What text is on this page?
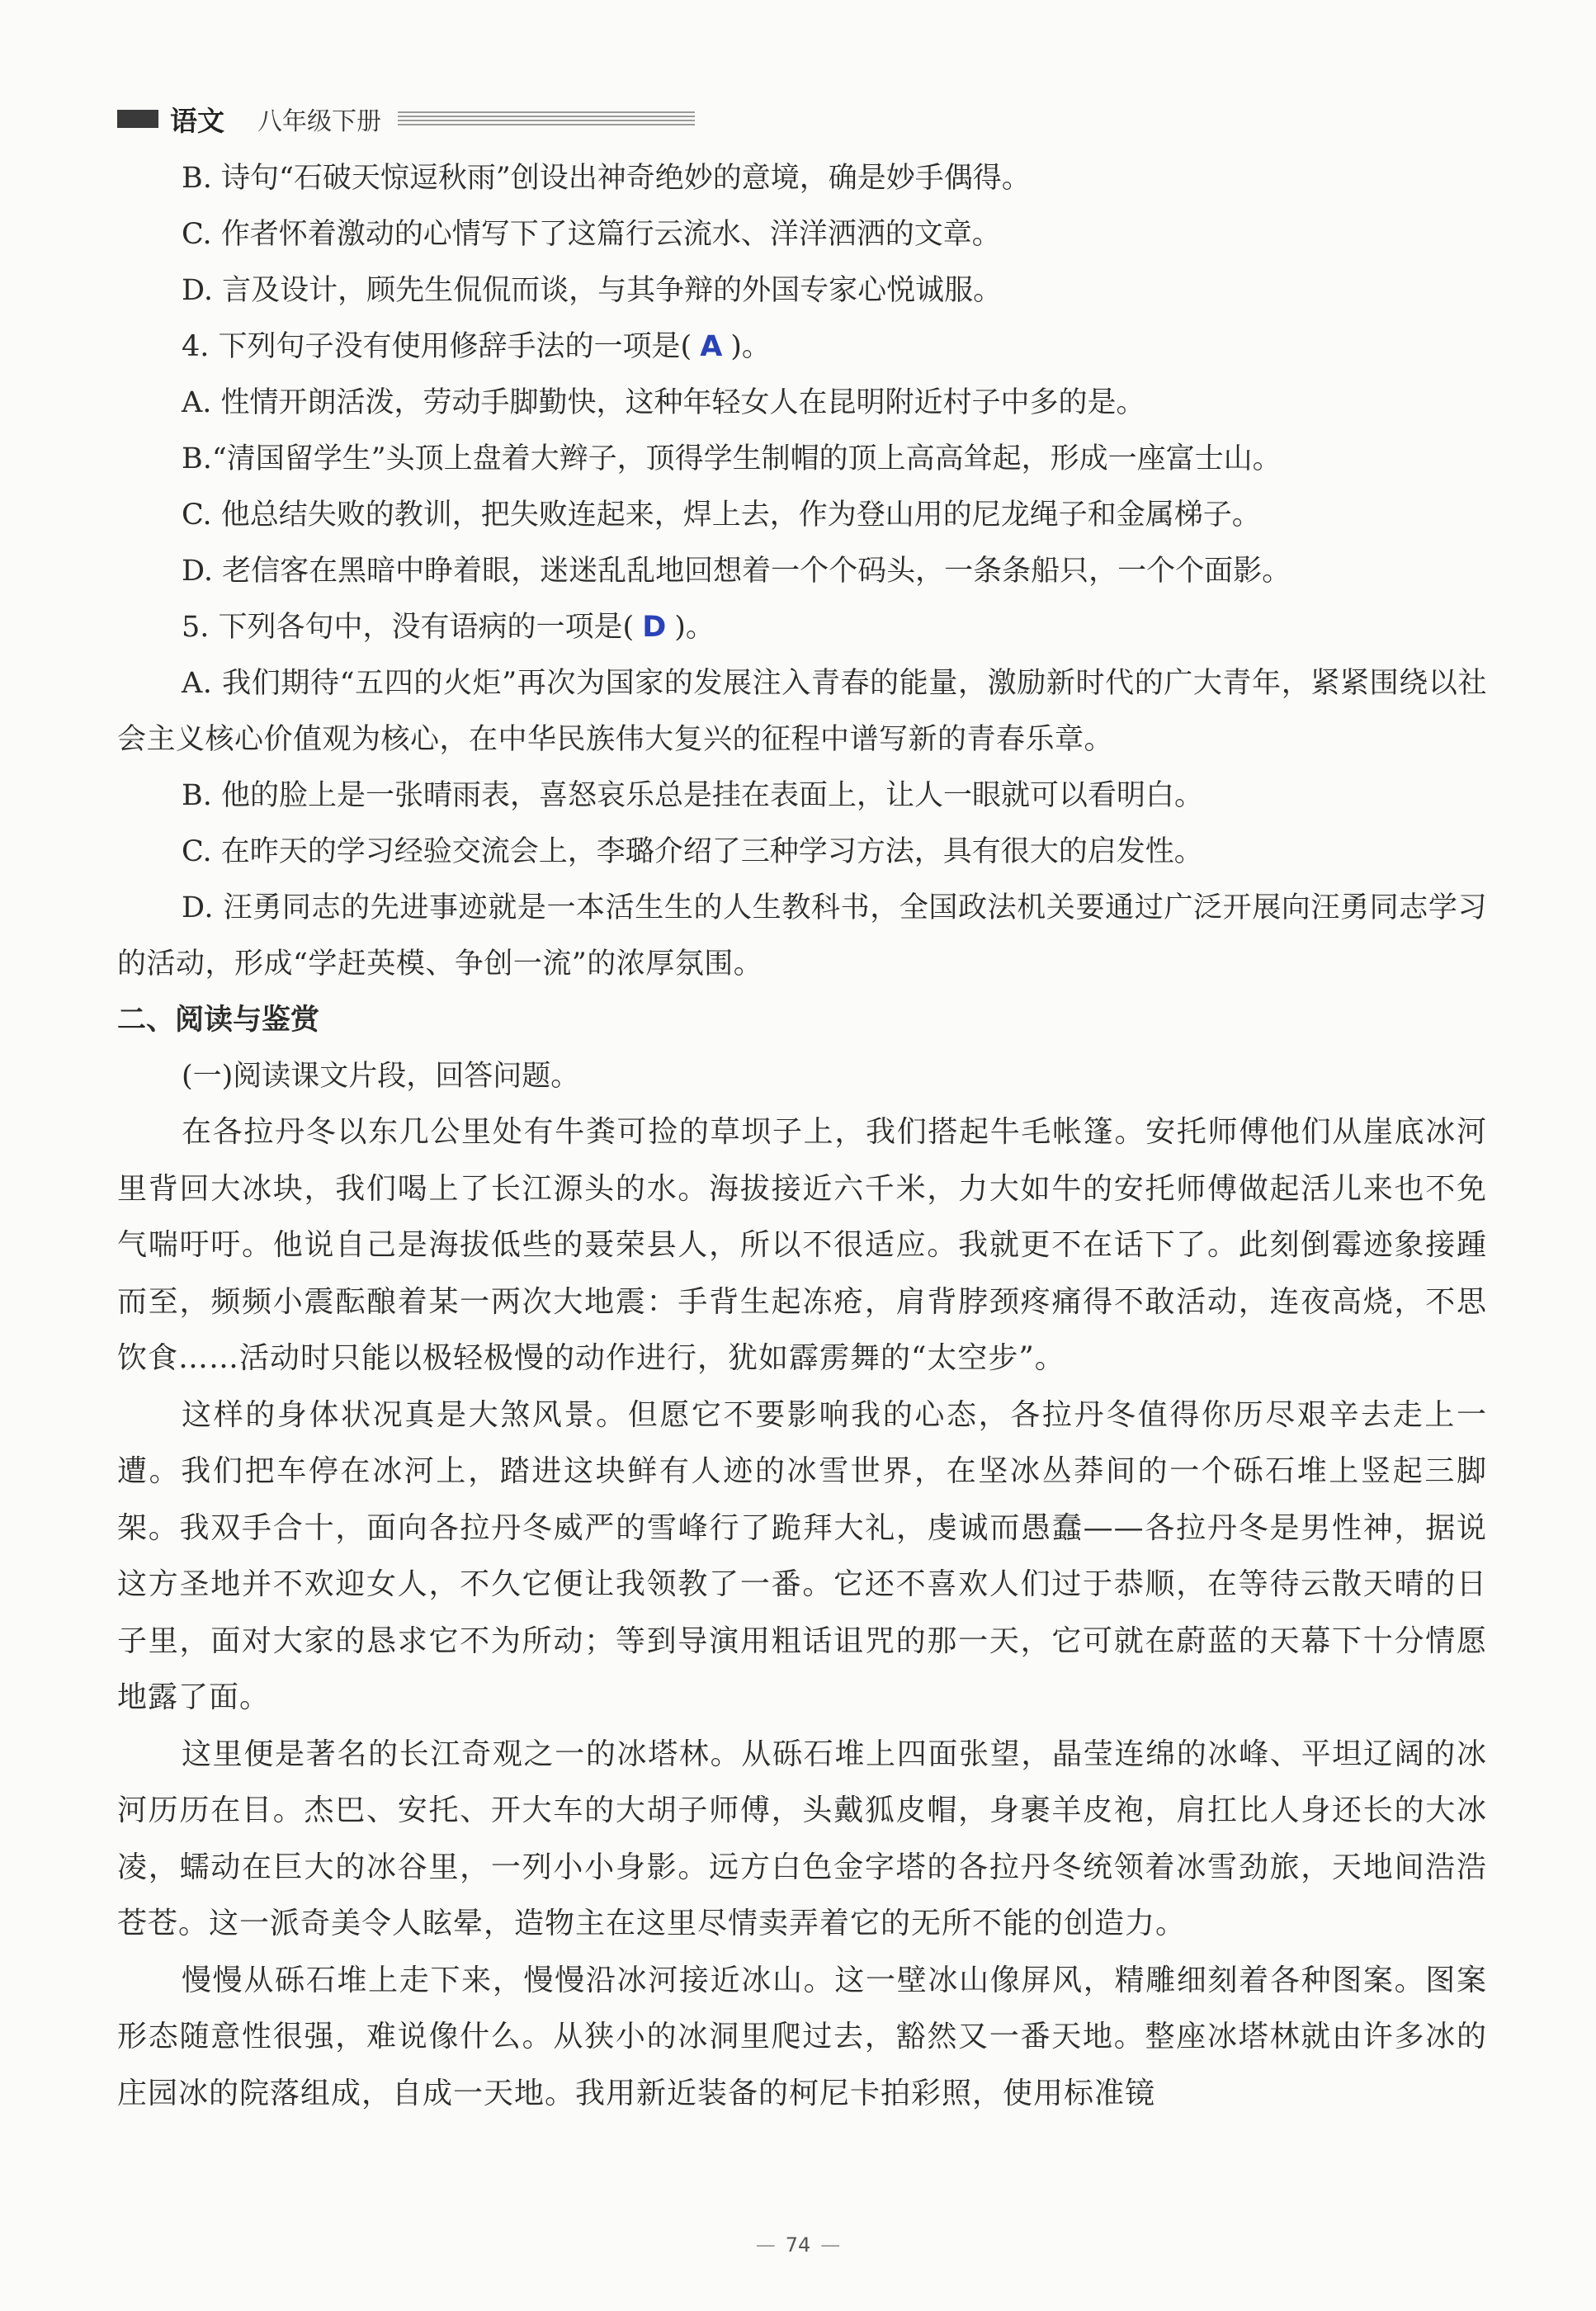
语文 八年级下册

B. 诗句“石破天惊逗秋雨”创设出神奇绝妙的意境，确是妙手偶得。

C. 作者怀着激动的心情写下了这篇行云流水、洋洋洒洒的文章。

D. 言及设计，顾先生侃侃而谈，与其争辩的外国专家心悦诚服。

4. 下列句子没有使用修辞手法的一项是( A )。

A. 性情开朗活泼，劳动手脚勤快，这种年轻女人在昆明附近村子中多的是。

B.“清国留学生”头顶上盘着大辫子，顶得学生制帽的顶上高高耸起，形成一座富士山。

C. 他总结失败的教训，把失败连起来，焊上去，作为登山用的尼龙绳子和金属梯子。

D. 老信客在黑暗中睁着眼，迷迷乱乱地回想着一个个码头，一条条船只，一个个面影。

5. 下列各句中，没有语病的一项是( D )。

A. 我们期待“五四的火炬”再次为国家的发展注入青春的能量，激励新时代的广大青年，紧紧围绕以社会主义核心价值观为核心，在中华民族伟大复兴的征程中谱写新的青春乐章。

B. 他的脸上是一张晴雨表，喜怒哀乐总是挂在表面上，让人一眼就可以看明白。

C. 在昨天的学习经验交流会上，李璐介绍了三种学习方法，具有很大的启发性。

D. 汪勇同志的先进事迹就是一本活生生的人生教科书，全国政法机关要通过广泛开展向汪勇同志学习的活动，形成“学赶英模、争创一流”的浓厚氛围。

二、阅读与鉴赏

(一)阅读课文片段，回答问题。

在各拉丹冬以东几公里处有牛粪可捡的草坝子上，我们搭起牛毛帐篷。安托师傅他们从崖底冰河里背回大冰块，我们喝上了长江源头的水。海拔接近六千米，力大如牛的安托师傅做起活儿来也不免气喘吁吁。他说自己是海拔低些的聂荣县人，所以不很适应。我就更不在话下了。此刻倒霉迹象接踵而至，频频小震酝酿着某一两次大地震：手背生起冻疮，肩背脖颈疼痛得不敢活动，连夜高烧，不思饮食……活动时只能以极轻极慢的动作进行，犹如霹雳舞的“太空步”。

这样的身体状况真是大煞风景。但愿它不要影响我的心态，各拉丹冬值得你历尽艰辛去走上一遭。我们把车停在冰河上，踏进这块鲜有人迹的冰雪世界，在坚冰丛莽间的一个砾石堆上竖起三脚架。我双手合十，面向各拉丹冬威严的雪峰行了跪拜大礼，虔诚而愚蠢——各拉丹冬是男性神，据说这方圣地并不欢迎女人，不久它便让我领教了一番。它还不喜欢人们过于恭顺，在等待云散天晴的日子里，面对大家的恳求它不为所动；等到导演用粗话诅咒的那一天，它可就在蔚蓝的天幕下十分情愿地露了面。

这里便是著名的长江奇观之一的冰塔林。从砾石堆上四面张望，晶莹连绵的冰峰、平坦辽阔的冰河历历在目。杰巴、安托、开大车的大胡子师傅，头戴狐皮帽，身裹羊皮袍，肩扛比人身还长的大冰凌，蠕动在巨大的冰谷里，一列小小身影。远方白色金字塔的各拉丹冬统领着冰雪劲旅，天地间浩浩苍苍。这一派奇美令人眩晕，造物主在这里尽情卖弄着它的无所不能的创造力。

慢慢从砾石堆上走下来，慢慢沿冰河接近冰山。这一壁冰山像屏风，精雕细刻着各种图案。图案形态随意性很强，难说像什么。从狭小的冰洞里爬过去，豁然又一番天地。整座冰塔林就由许多冰的庄园冰的院落组成，自成一天地。我用新近装备的柯尼卡拍彩照，使用标准镜

— 74 —
